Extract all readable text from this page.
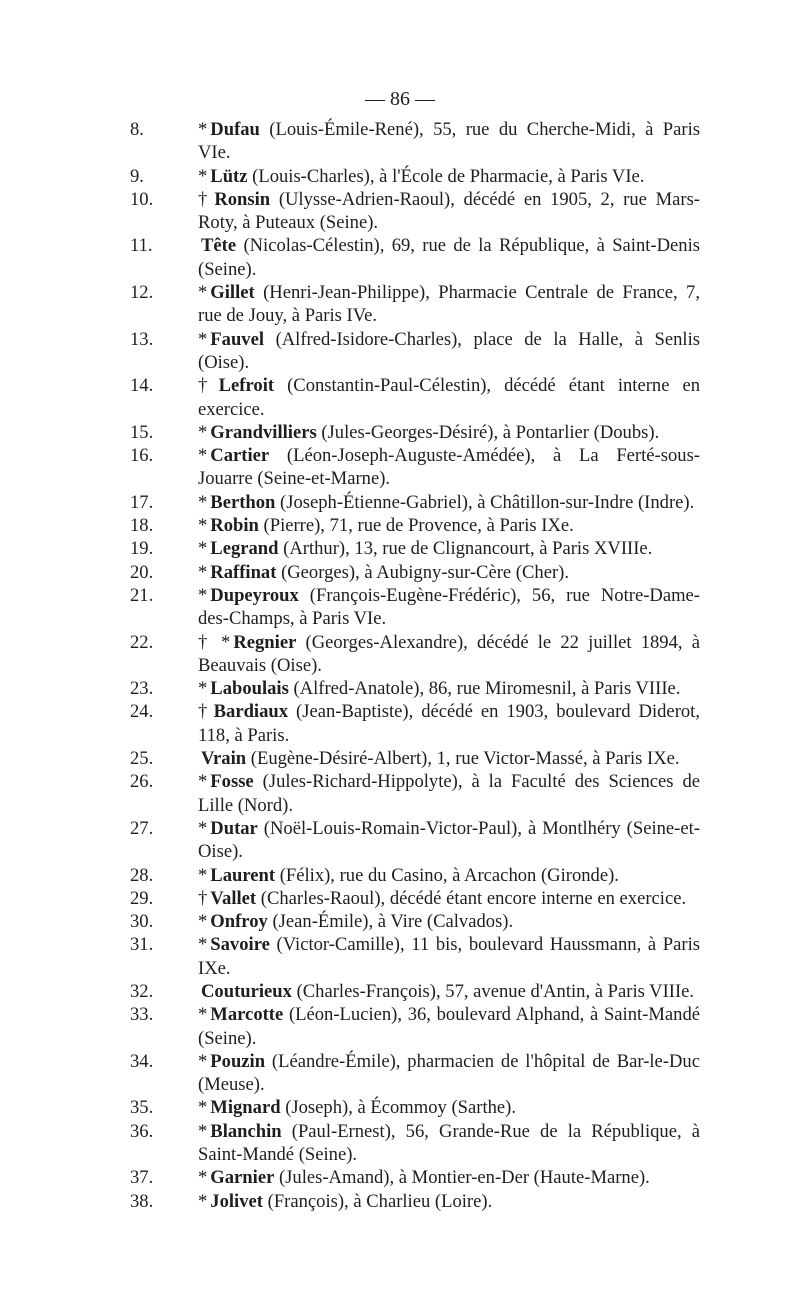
— 86 —

8.	* Dufau (Louis-Émile-René), 55, rue du Cherche-Midi, à Paris VIe.

9.	* Lütz (Louis-Charles), à l'École de Pharmacie, à Paris VIe.

10. † Ronsin (Ulysse-Adrien-Raoul), décédé en 1905, 2, rue Mars-Roty, à Puteaux (Seine).

11.	Tête (Nicolas-Célestin), 69, rue de la République, à Saint-Denis (Seine).

12. * Gillet (Henri-Jean-Philippe), Pharmacie Centrale de France, 7, rue de Jouy, à Paris IVe.

13. * Fauvel (Alfred-Isidore-Charles), place de la Halle, à Senlis (Oise).

14. † Lefroit (Constantin-Paul-Célestin), décédé étant interne en exercice.

15. * Grandvilliers (Jules-Georges-Désiré), à Pontarlier (Doubs).

16. * Cartier (Léon-Joseph-Auguste-Amédée), à La Ferté-sous-Jouarre (Seine-et-Marne).

17. * Berthon (Joseph-Étienne-Gabriel), à Châtillon-sur-Indre (Indre).

18. * Robin (Pierre), 71, rue de Provence, à Paris IXe.

19. * Legrand (Arthur), 13, rue de Clignancourt, à Paris XVIIIe.

20. * Raffinat (Georges), à Aubigny-sur-Cère (Cher).

21. * Dupeyroux (François-Eugène-Frédéric), 56, rue Notre-Dame-des-Champs, à Paris VIe.

22. † * Regnier (Georges-Alexandre), décédé le 22 juillet 1894, à Beauvais (Oise).

23. * Laboulais (Alfred-Anatole), 86, rue Miromesnil, à Paris VIIIe.

24. † Bardiaux (Jean-Baptiste), décédé en 1903, boulevard Diderot, 118, à Paris.

25.	Vrain (Eugène-Désiré-Albert), 1, rue Victor-Massé, à Paris IXe.

26. * Fosse (Jules-Richard-Hippolyte), à la Faculté des Sciences de Lille (Nord).

27. * Dutar (Noël-Louis-Romain-Victor-Paul), à Montlhéry (Seine-et-Oise).

28. * Laurent (Félix), rue du Casino, à Arcachon (Gironde).

29. † Vallet (Charles-Raoul), décédé étant encore interne en exercice.

30. * Onfroy (Jean-Émile), à Vire (Calvados).

31. * Savoire (Victor-Camille), 11 bis, boulevard Haussmann, à Paris IXe.

32.	Couturieux (Charles-François), 57, avenue d'Antin, à Paris VIIIe.

33. * Marcotte (Léon-Lucien), 36, boulevard Alphand, à Saint-Mandé (Seine).

34. * Pouzin (Léandre-Émile), pharmacien de l'hôpital de Bar-le-Duc (Meuse).

35. * Mignard (Joseph), à Écommoy (Sarthe).

36. * Blanchin (Paul-Ernest), 56, Grande-Rue de la République, à Saint-Mandé (Seine).

37. * Garnier (Jules-Amand), à Montier-en-Der (Haute-Marne).

38. * Jolivet (François), à Charlieu (Loire).
